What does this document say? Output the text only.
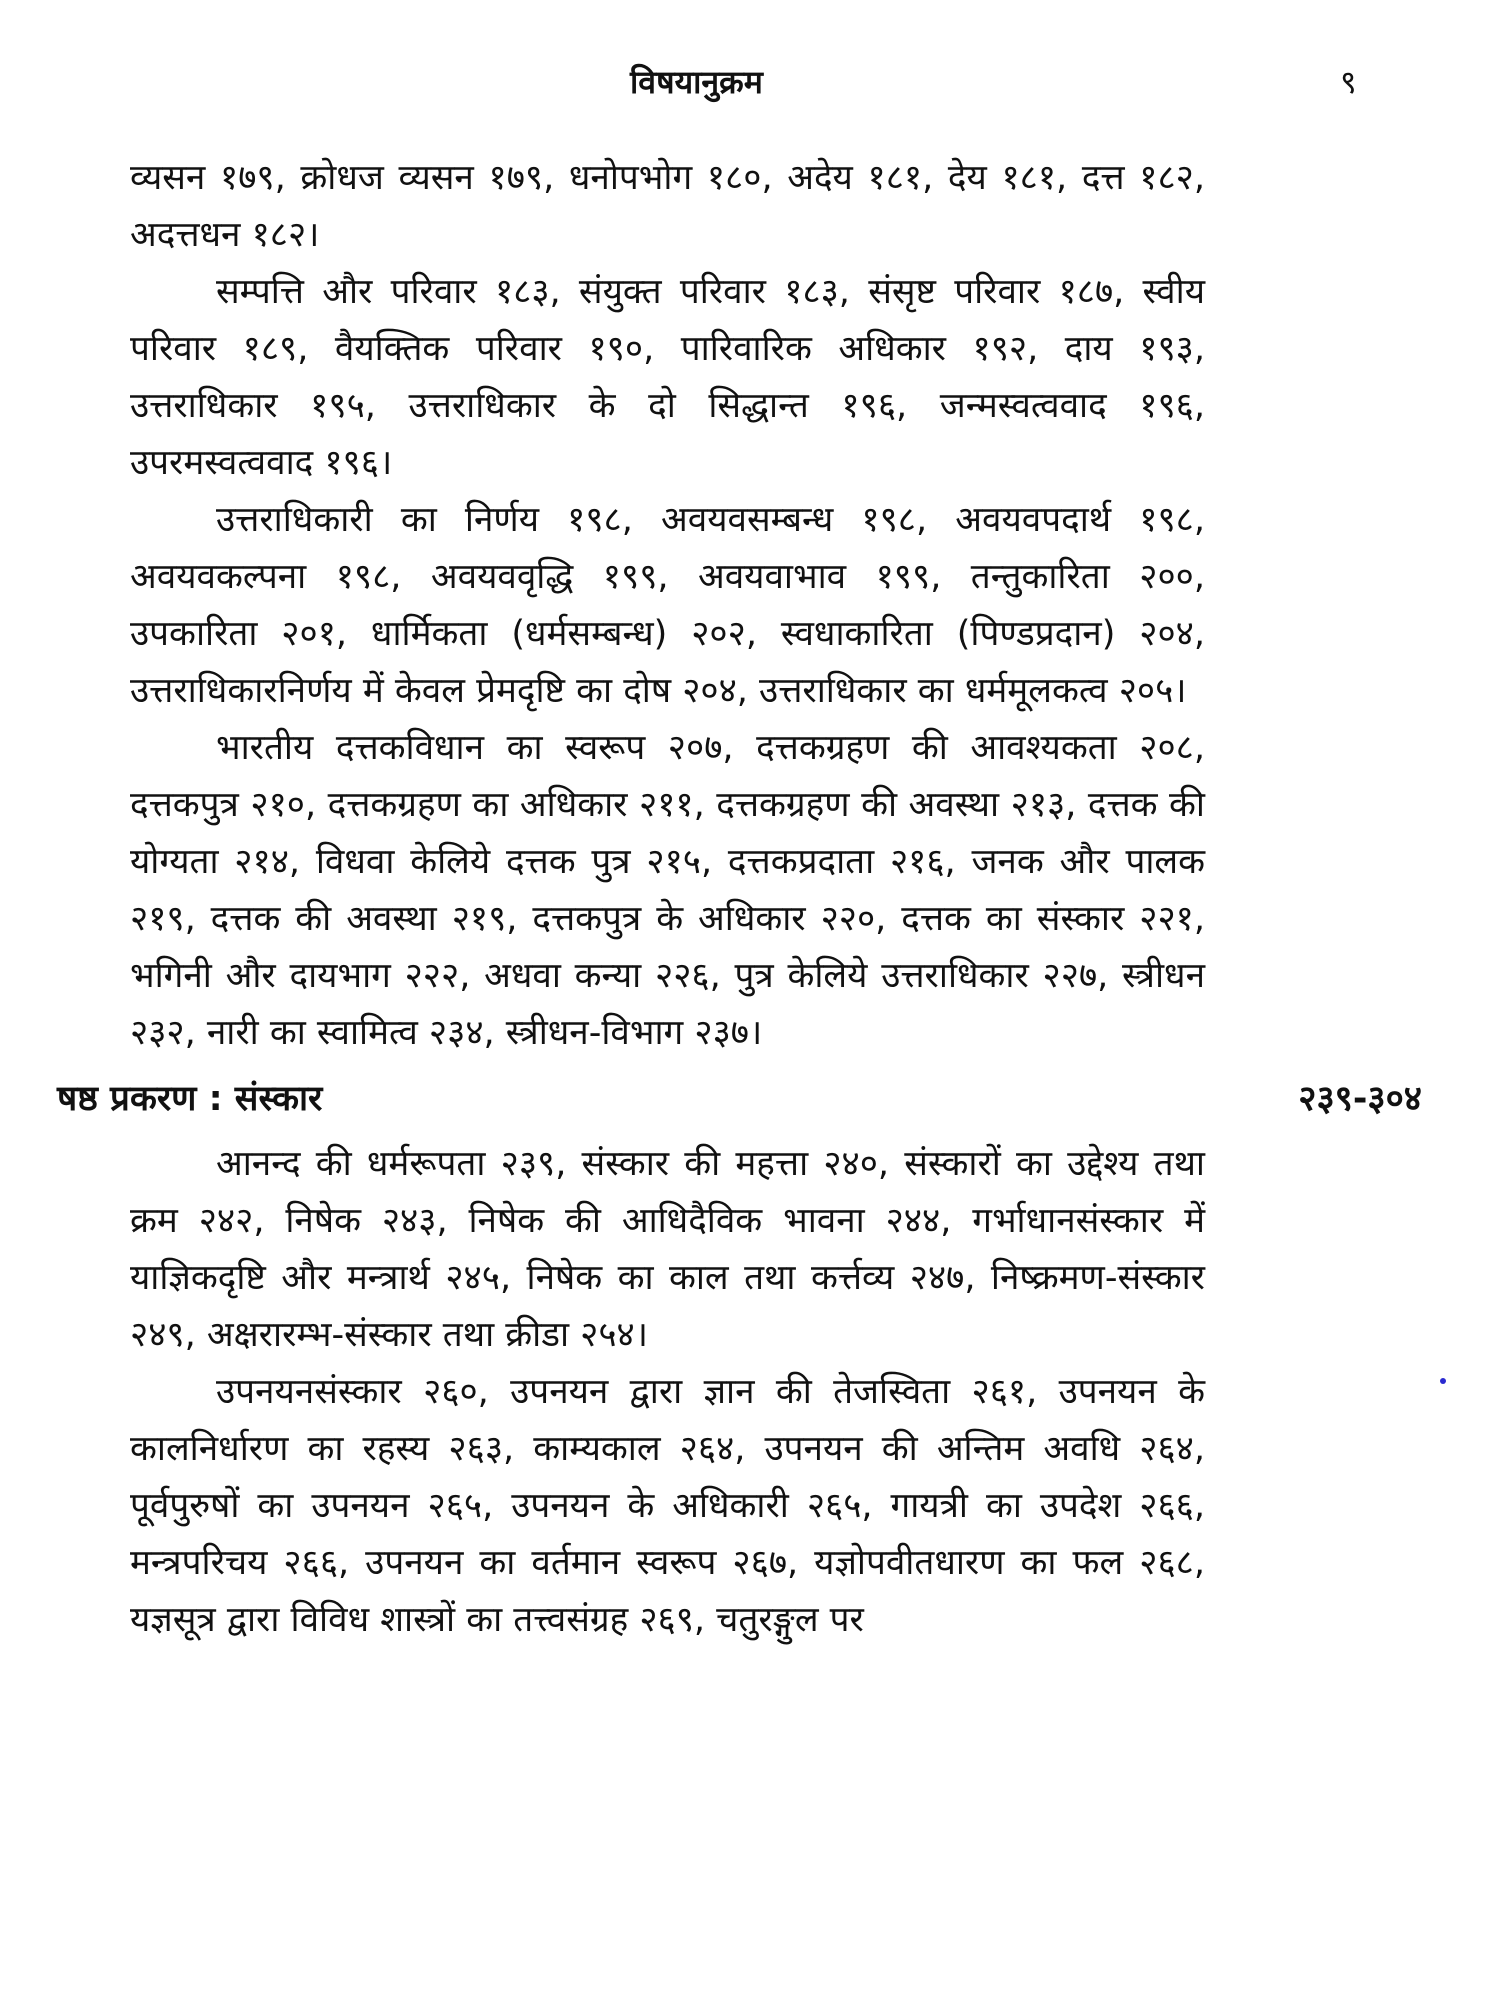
विषयानुक्रम	९

व्यसन १७९, क्रोधज व्यसन १७९, धनोपभोग १८०, अदेय १८१, देय १८१, दत्त १८२, अदत्तधन १८२।

सम्पत्ति और परिवार १८३, संयुक्त परिवार १८३, संसृष्ट परिवार १८७, स्वीय परिवार १८९, वैयक्तिक परिवार १९०, पारिवारिक अधिकार १९२, दाय १९३, उत्तराधिकार १९५, उत्तराधिकार के दो सिद्धान्त १९६, जन्मस्वत्ववाद १९६, उपरमस्वत्ववाद १९६।

उत्तराधिकारी का निर्णय १९८, अवयवसम्बन्ध १९८, अवयवपदार्थ १९८, अवयवकल्पना १९८, अवयववृद्धि १९९, अवयवाभाव १९९, तन्तुकारिता २००, उपकारिता २०१, धार्मिकता (धर्मसम्बन्ध) २०२, स्वधाकारिता (पिण्डप्रदान) २०४, उत्तराधिकारनिर्णय में केवल प्रेमदृष्टि का दोष २०४, उत्तराधिकार का धर्ममूलकत्व २०५।

भारतीय दत्तकविधान का स्वरूप २०७, दत्तकग्रहण की आवश्यकता २०८, दत्तकपुत्र २१०, दत्तकग्रहण का अधिकार २११, दत्तकग्रहण की अवस्था २१३, दत्तक की योग्यता २१४, विधवा केलिये दत्तक पुत्र २१५, दत्तकप्रदाता २१६, जनक और पालक २१९, दत्तक की अवस्था २१९, दत्तकपुत्र के अधिकार २२०, दत्तक का संस्कार २२१, भगिनी और दायभाग २२२, अधवा कन्या २२६, पुत्र केलिये उत्तराधिकार २२७, स्त्रीधन २३२, नारी का स्वामित्व २३४, स्त्रीधन-विभाग २३७।

षष्ठ प्रकरण : संस्कार	२३९-३०४

आनन्द की धर्मरूपता २३९, संस्कार की महत्ता २४०, संस्कारों का उद्देश्य तथा क्रम २४२, निषेक २४३, निषेक की आधिदैविक भावना २४४, गर्भाधानसंस्कार में याज्ञिकदृष्टि और मन्त्रार्थ २४५, निषेक का काल तथा कर्त्तव्य २४७, निष्क्रमण-संस्कार २४९, अक्षरारम्भ-संस्कार तथा क्रीडा २५४।

उपनयनसंस्कार २६०, उपनयन द्वारा ज्ञान की तेजस्विता २६१, उपनयन के कालनिर्धारण का रहस्य २६३, काम्यकाल २६४, उपनयन की अन्तिम अवधि २६४, पूर्वपुरुषों का उपनयन २६५, उपनयन के अधिकारी २६५, गायत्री का उपदेश २६६, मन्त्रपरिचय २६६, उपनयन का वर्तमान स्वरूप २६७, यज्ञोपवीतधारण का फल २६८, यज्ञसूत्र द्वारा विविध शास्त्रों का तत्त्वसंग्रह २६९, चतुरङ्गुल पर
